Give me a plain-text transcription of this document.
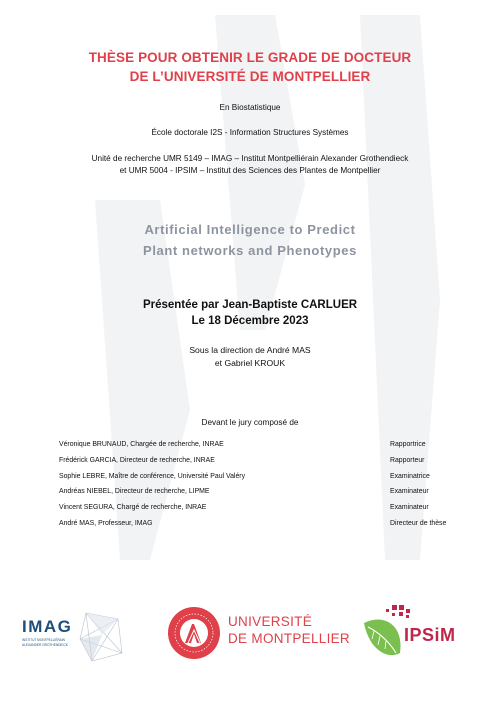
THÈSE POUR OBTENIR LE GRADE DE DOCTEUR
DE L’UNIVERSITÉ DE MONTPELLIER
En Biostatistique
École doctorale I2S - Information Structures Systèmes
Unité de recherche UMR 5149 – IMAG – Institut Montpelliérain Alexander Grothendieck
et UMR 5004 - IPSIM – Institut des Sciences des Plantes de Montpellier
Artificial Intelligence to Predict
Plant networks and Phenotypes
Présentée par Jean-Baptiste CARLUER
Le 18 Décembre 2023
Sous la direction de André MAS
et Gabriel KROUK
Devant le jury composé de
Véronique BRUNAUD, Chargée de recherche, INRAE	Rapportrice
Frédérick GARCIA, Directeur de recherche, INRAE	Rapporteur
Sophie LEBRE, Maître de conférence, Université Paul Valéry	Examinatrice
Andréas NIEBEL, Directeur de recherche, LIPME	Examinateur
Vincent SEGURA, Chargé de recherche, INRAE	Examinateur
André MAS, Professeur, IMAG	Directeur de thèse
IMAG
INSTITUT MONTPELLIÉRAIN
ALEXANDER GROTHENDIECK
UNIVERSITÉ
DE MONTPELLIER	IPSiM
